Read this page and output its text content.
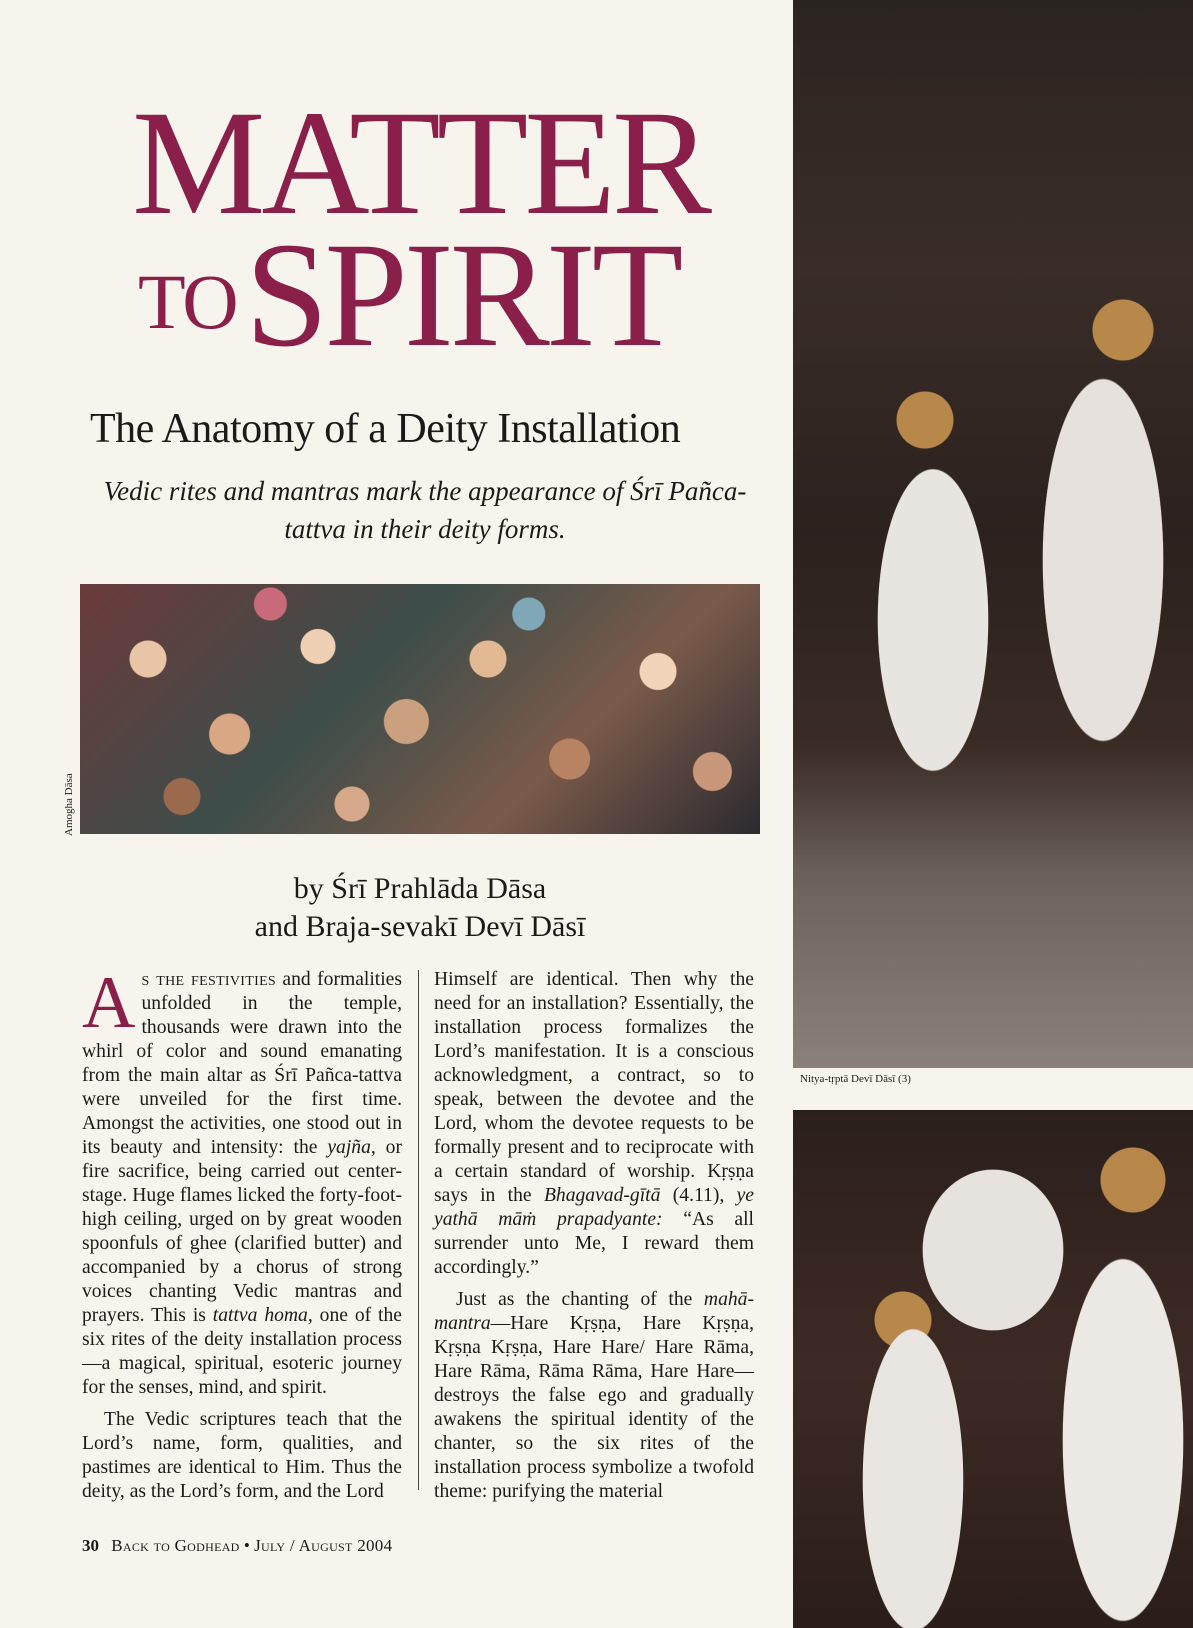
MATTER
TO SPIRIT
The Anatomy of a Deity Installation
Vedic rites and mantras mark the appearance of Śrī Pañca-tattva in their deity forms.
Amogha Dāsa
by Śrī Prahlāda Dāsa
and Braja-sevakī Devī Dāsī

As the festivities and formalities unfolded in the temple, thousands were drawn into the whirl of color and sound emanating from the main altar as Śrī Pañca-tattva were unveiled for the first time. Amongst the activities, one stood out in its beauty and intensity: the yajña, or fire sacrifice, being carried out center-stage. Huge flames licked the forty-foot-high ceiling, urged on by great wooden spoonfuls of ghee (clarified butter) and accompanied by a chorus of strong voices chanting Vedic mantras and prayers. This is tattva homa, one of the six rites of the deity installation process—a magical, spiritual, esoteric journey for the senses, mind, and spirit.

The Vedic scriptures teach that the Lord’s name, form, qualities, and pastimes are identical to Him. Thus the deity, as the Lord’s form, and the Lord

Himself are identical. Then why the need for an installation? Essentially, the installation process formalizes the Lord’s manifestation. It is a conscious acknowledgment, a contract, so to speak, between the devotee and the Lord, whom the devotee requests to be formally present and to reciprocate with a certain standard of worship. Kṛṣṇa says in the Bhagavad-gītā (4.11), ye yathā māṁ prapadyante: “As all surrender unto Me, I reward them accordingly.”

Just as the chanting of the mahā-mantra—Hare Kṛṣṇa, Hare Kṛṣṇa, Kṛṣṇa Kṛṣṇa, Hare Hare/ Hare Rāma, Hare Rāma, Rāma Rāma, Hare Hare—destroys the false ego and gradually awakens the spiritual identity of the chanter, so the six rites of the installation process symbolize a twofold theme: purifying the material

30 Back to Godhead • July / August 2004
Nitya-tṛptā Devī Dāsī (3)
